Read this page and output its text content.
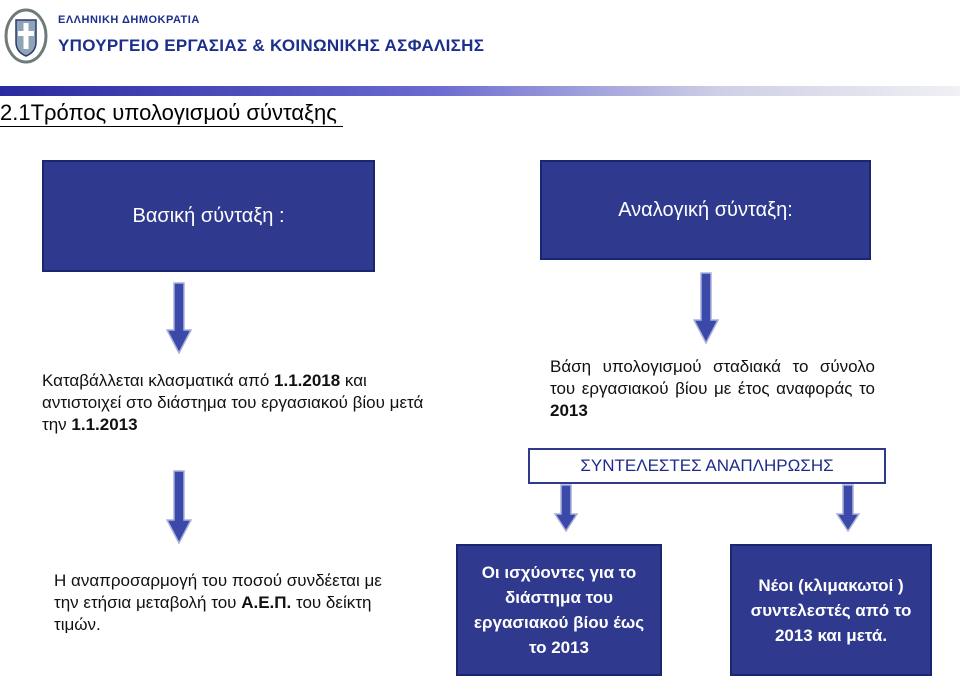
ΕΛΛΗΝΙΚΗ ΔΗΜΟΚΡΑΤΙΑ
ΥΠΟΥΡΓΕΙΟ ΕΡΓΑΣΙΑΣ & ΚΟΙΝΩΝΙΚΗΣ ΑΣΦΑΛΙΣΗΣ
2.1Τρόπος υπολογισμού σύνταξης
Βασική σύνταξη :	Αναλογική σύνταξη:
Καταβάλλεται κλασματικά από 1.1.2018 και αντιστοιχεί στο διάστημα του εργασιακού βίου μετά την 1.1.2013
Βάση υπολογισμού σταδιακά το σύνολο του εργασιακού βίου με έτος αναφοράς το 2013
ΣΥΝΤΕΛΕΣΤΕΣ ΑΝΑΠΛΗΡΩΣΗΣ
Η αναπροσαρμογή του ποσού συνδέεται με την ετήσια μεταβολή του Α.Ε.Π. του δείκτη τιμών.
Οι ισχύοντες για το διάστημα του εργασιακού βίου έως το 2013
Νέοι (κλιμακωτοί ) συντελεστές από το 2013 και μετά.
